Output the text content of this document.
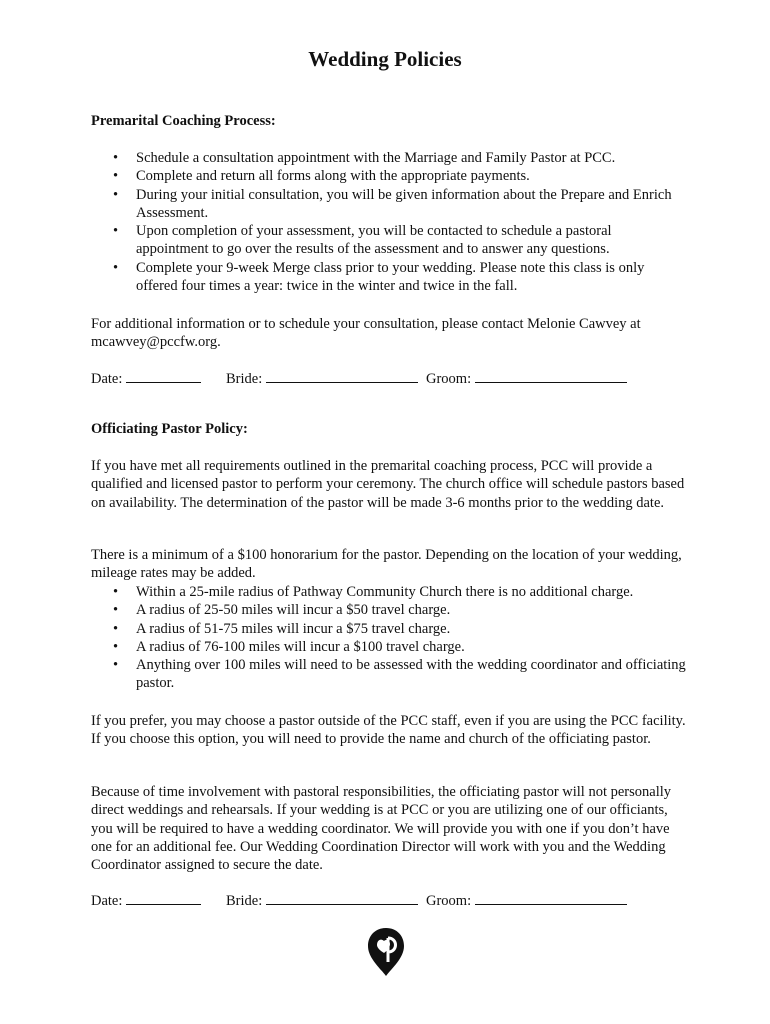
Wedding Policies
Premarital Coaching Process:
• Schedule a consultation appointment with the Marriage and Family Pastor at PCC.
• Complete and return all forms along with the appropriate payments.
• During your initial consultation, you will be given information about the Prepare and Enrich Assessment.
• Upon completion of your assessment, you will be contacted to schedule a pastoral appointment to go over the results of the assessment and to answer any questions.
• Complete your 9-week Merge class prior to your wedding. Please note this class is only offered four times a year: twice in the winter and twice in the fall.

For additional information or to schedule your consultation, please contact Melonie Cawvey at mcawvey@pccfw.org.

Date:	Bride:	Groom:
Officiating Pastor Policy:

If you have met all requirements outlined in the premarital coaching process, PCC will provide a qualified and licensed pastor to perform your ceremony. The church office will schedule pastors based on availability. The determination of the pastor will be made 3-6 months prior to the wedding date.

There is a minimum of a $100 honorarium for the pastor. Depending on the location of your wedding, mileage rates may be added.

• Within a 25-mile radius of Pathway Community Church there is no additional charge.
• A radius of 25-50 miles will incur a $50 travel charge.
• A radius of 51-75 miles will incur a $75 travel charge.
• A radius of 76-100 miles will incur a $100 travel charge.
• Anything over 100 miles will need to be assessed with the wedding coordinator and officiating pastor.

If you prefer, you may choose a pastor outside of the PCC staff, even if you are using the PCC facility. If you choose this option, you will need to provide the name and church of the officiating pastor.

Because of time involvement with pastoral responsibilities, the officiating pastor will not personally direct weddings and rehearsals. If your wedding is at PCC or you are utilizing one of our officiants, you will be required to have a wedding coordinator. We will provide you with one if you don’t have one for an additional fee. Our Wedding Coordination Director will work with you and the Wedding Coordinator assigned to secure the date.

Date:	Bride:	Groom:
